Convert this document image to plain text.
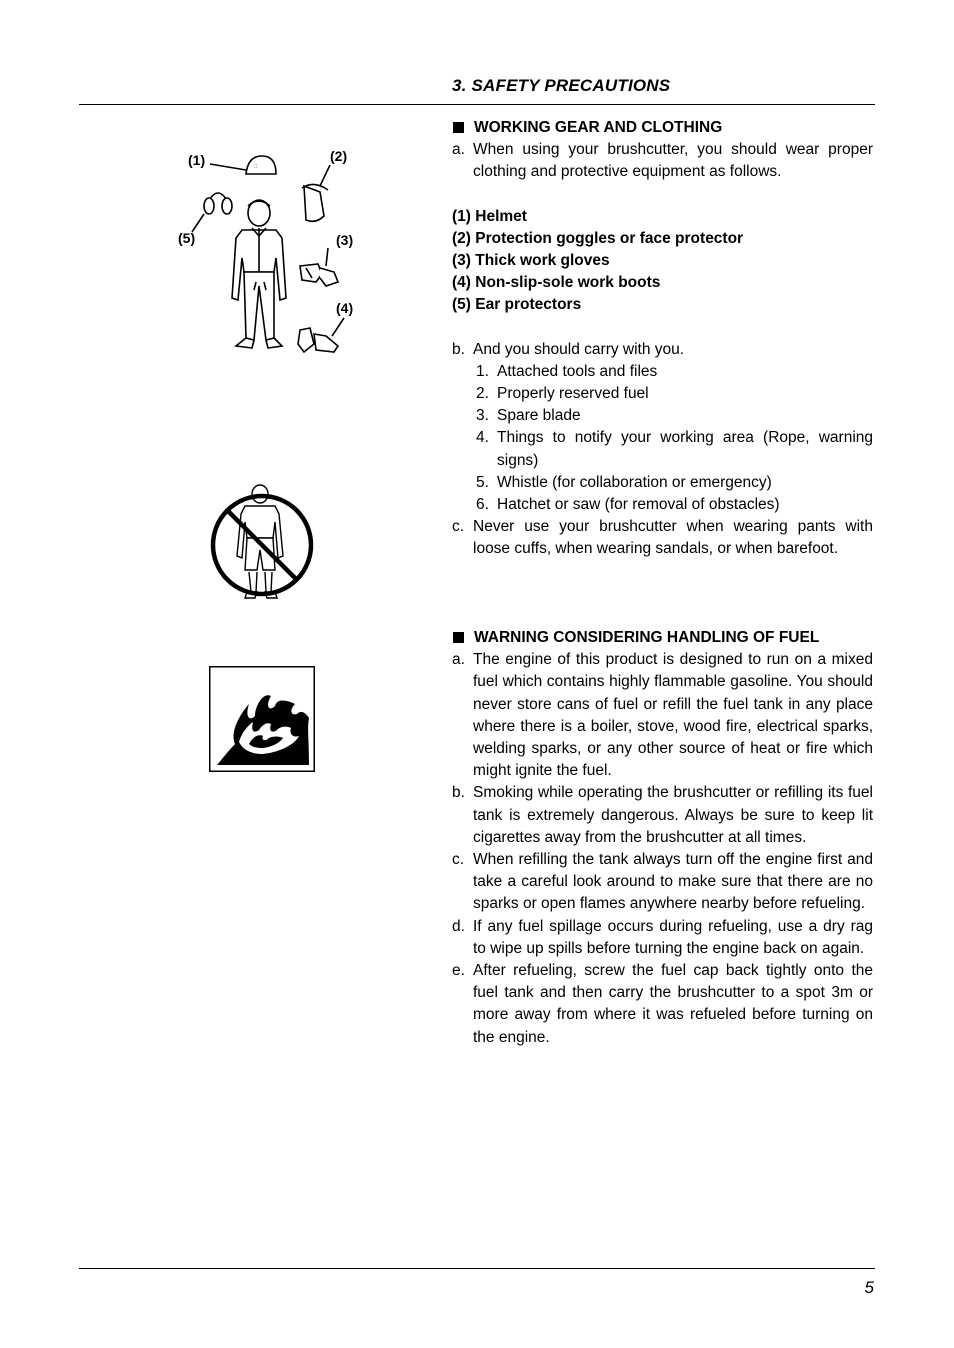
3. SAFETY PRECAUTIONS
::
(1)	(2)
(3)
(4)
(5)
WORKING GEAR AND CLOTHING
a. When using your brushcutter, you should wear proper clothing and protective equipment as follows.
(1) Helmet
(2) Protection goggles or face protector
(3) Thick work gloves
(4) Non-slip-sole work boots
(5) Ear protectors
b. And you should carry with you.
1. Attached tools and files
2. Properly reserved fuel
3. Spare blade
4. Things to notify your working area (Rope, warning signs)
5. Whistle (for collaboration or emergency)
6. Hatchet or saw (for removal of obstacles)
c. Never use your brushcutter when wearing pants with loose cuffs, when wearing sandals, or when barefoot.
WARNING CONSIDERING HANDLING OF FUEL
a. The engine of this product is designed to run on a mixed fuel which contains highly flammable gasoline. You should never store cans of fuel or refill the fuel tank in any place where there is a boiler, stove, wood fire, electrical sparks, welding sparks, or any other source of heat or fire which might ignite the fuel.
b. Smoking while operating the brushcutter or refilling its fuel tank is extremely dangerous. Always be sure to keep lit cigarettes away from the brushcutter at all times.
c. When refilling the tank always turn off the engine first and take a careful look around to make sure that there are no sparks or open flames anywhere nearby before refueling.
d. If any fuel spillage occurs during refueling, use a dry rag to wipe up spills before turning the engine back on again.
e. After refueling, screw the fuel cap back tightly onto the fuel tank and then carry the brushcutter to a spot 3m or more away from where it was refueled before turning on the engine.
5
